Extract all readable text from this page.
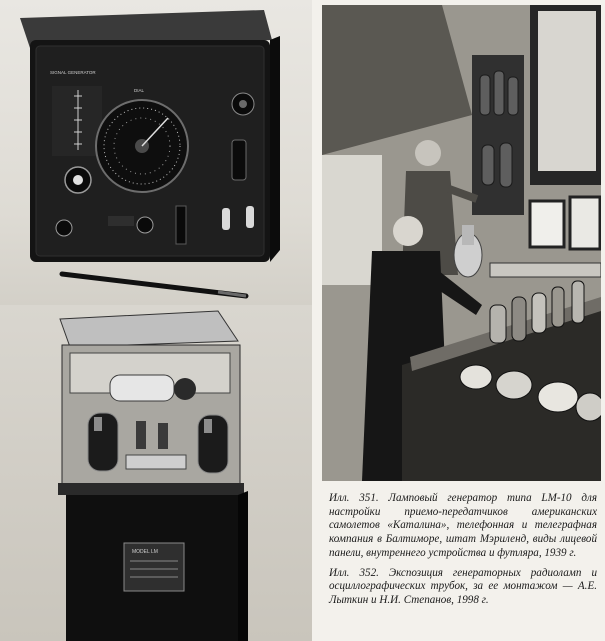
SIGNAL GENERATOR
DIAL
MODEL LM

Илл. 351. Ламповый генератор типа LM-10 для настройки приемо-передатчиков американских самолетов «Каталина», телефонная и телеграфная компания в Балтиморе, штат Мэриленд, виды лицевой панели, внутреннего устройства и футляра, 1939 г.

Илл. 352. Экспозиция генераторных радиоламп и осциллографических трубок, за ее монтажом — А.Е. Лыткин и Н.И. Степанов, 1998 г.
